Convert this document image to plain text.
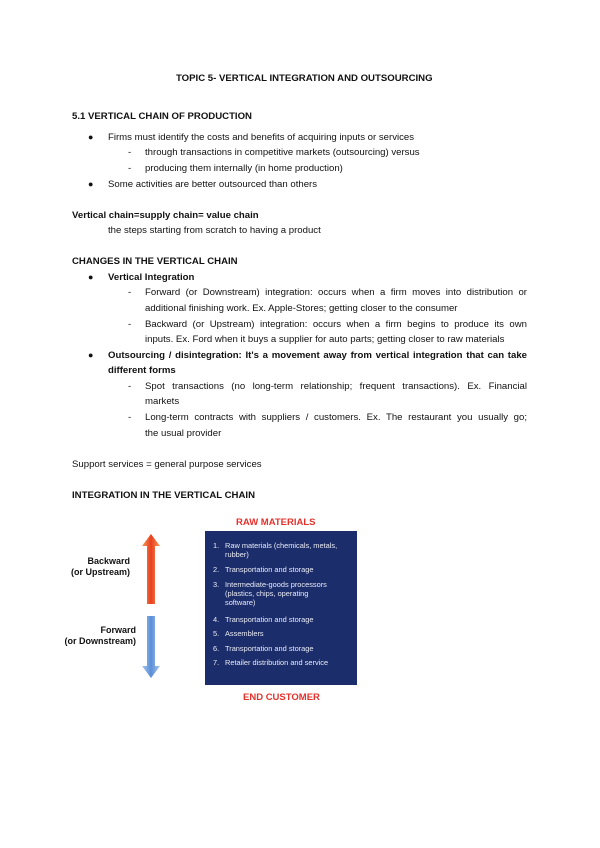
TOPIC 5- VERTICAL INTEGRATION AND OUTSOURCING
5.1 VERTICAL CHAIN OF PRODUCTION
● Firms must identify the costs and benefits of acquiring inputs or services
- through transactions in competitive markets (outsourcing) versus
- producing them internally (in home production)
● Some activities are better outsourced than others
Vertical chain=supply chain= value chain
the steps starting from scratch to having a product
CHANGES IN THE VERTICAL CHAIN
● Vertical Integration
- Forward (or Downstream) integration: occurs when a firm moves into distribution or
additional finishing work. Ex. Apple-Stores; getting closer to the consumer
- Backward (or Upstream) integration: occurs when a firm begins to produce its own
inputs. Ex. Ford when it buys a supplier for auto parts; getting closer to raw materials
● Outsourcing / disintegration: It's a movement away from vertical integration that can take
different forms
- Spot transactions (no long-term relationship; frequent transactions). Ex. Financial
markets
- Long-term contracts with suppliers / customers. Ex. The restaurant you usually go;
the usual provider
Support services = general purpose services
INTEGRATION IN THE VERTICAL CHAIN
RAW MATERIALS
Backward
(or Upstream)
Forward
(or Downstream)
1. Raw materials (chemicals, metals,
rubber)
2. Transportation and storage
3. Intermediate-goods processors
(plastics, chips, operating
software)
4. Transportation and storage
5. Assemblers
6. Transportation and storage
7. Retailer distribution and service
END CUSTOMER
